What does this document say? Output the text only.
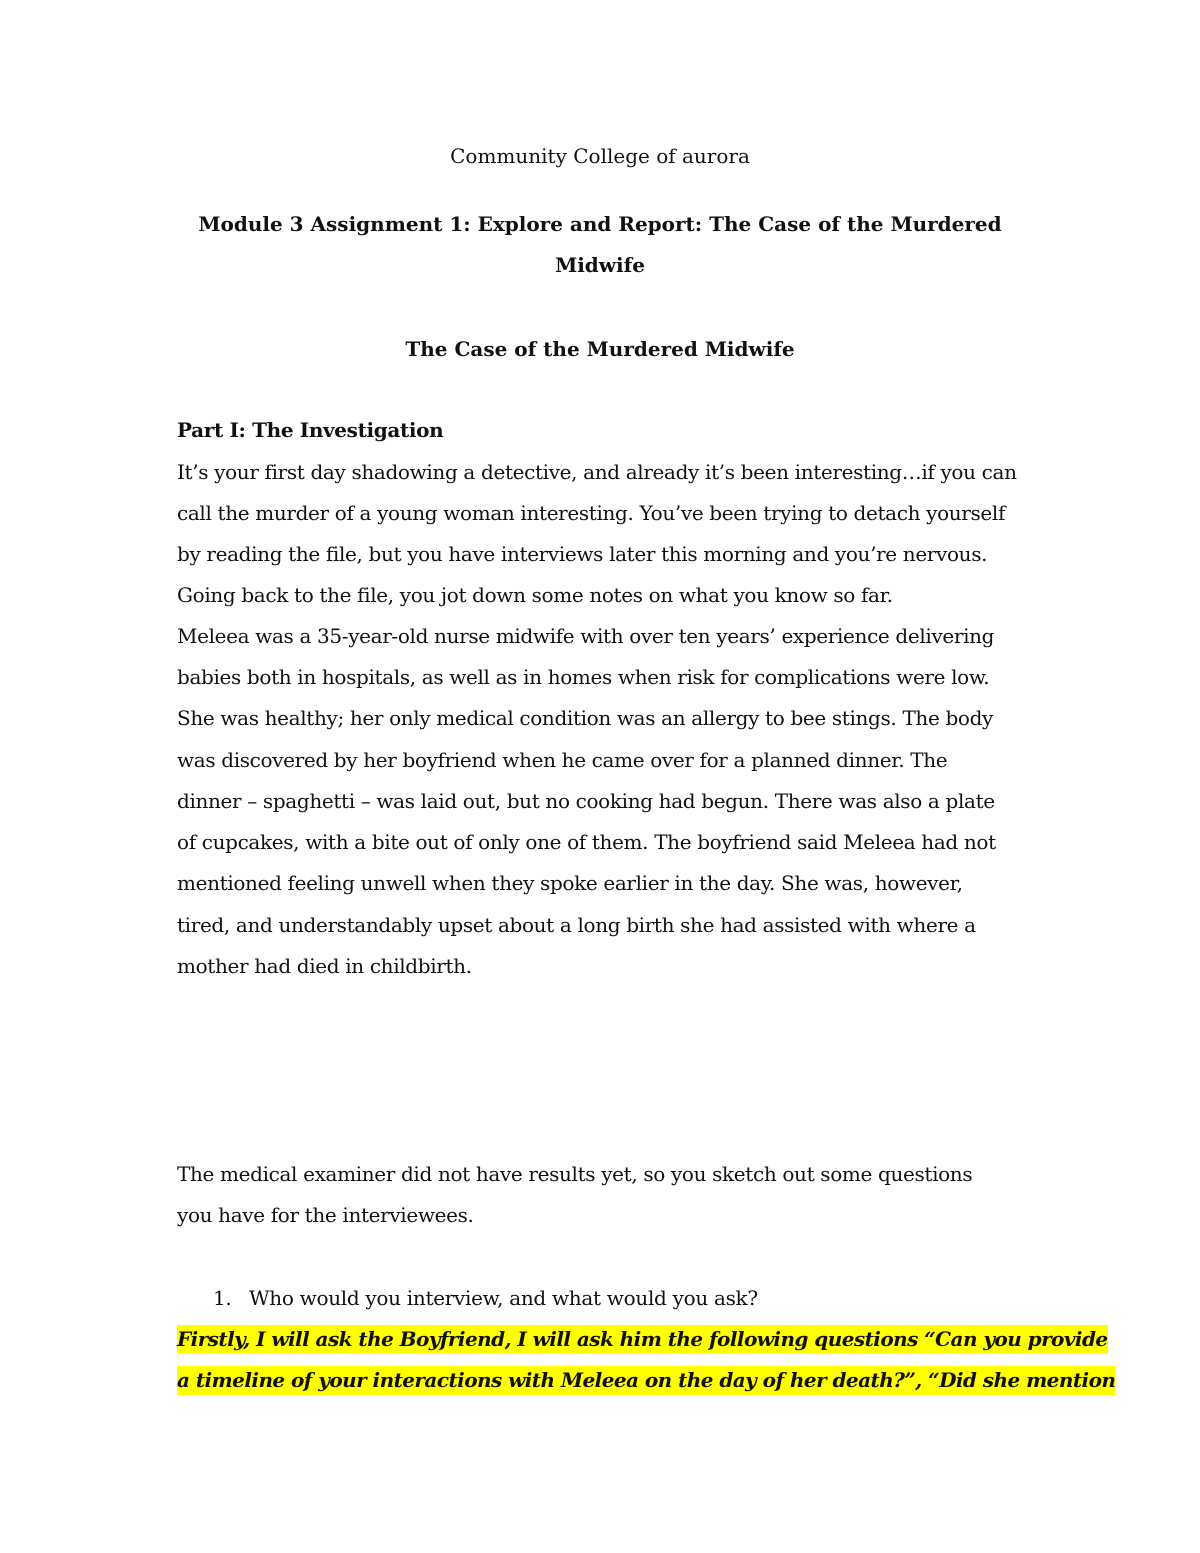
Community College of aurora
Module 3 Assignment 1: Explore and Report: The Case of the Murdered
Midwife
The Case of the Murdered Midwife
Part I: The Investigation
It’s your first day shadowing a detective, and already it’s been interesting…if you can
call the murder of a young woman interesting. You’ve been trying to detach yourself
by reading the file, but you have interviews later this morning and you’re nervous.
Going back to the file, you jot down some notes on what you know so far.
Meleea was a 35-year-old nurse midwife with over ten years’ experience delivering
babies both in hospitals, as well as in homes when risk for complications were low.
She was healthy; her only medical condition was an allergy to bee stings. The body
was discovered by her boyfriend when he came over for a planned dinner. The
dinner – spaghetti – was laid out, but no cooking had begun. There was also a plate
of cupcakes, with a bite out of only one of them. The boyfriend said Meleea had not
mentioned feeling unwell when they spoke earlier in the day. She was, however,
tired, and understandably upset about a long birth she had assisted with where a
mother had died in childbirth.
The medical examiner did not have results yet, so you sketch out some questions
you have for the interviewees.
1. Who would you interview, and what would you ask?
Firstly, I will ask the Boyfriend, I will ask him the following questions “Can you provide
a timeline of your interactions with Meleea on the day of her death?”, “Did she mention
